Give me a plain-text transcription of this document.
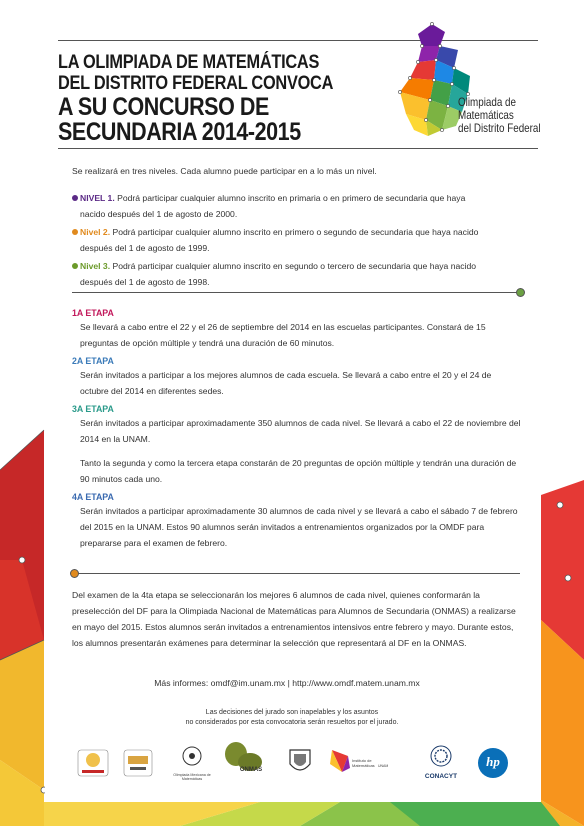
LA OLIMPIADA DE MATEMÁTICAS
DEL DISTRITO FEDERAL CONVOCA
A SU CONCURSO DE
SECUNDARIA 2014-2015
Olimpiada de
Matemáticas
del Distrito Federal
Se realizará en tres niveles. Cada alumno puede participar en a lo más un nivel.
NIVEL 1. Podrá participar cualquier alumno inscrito en primaria o en primero de secundaria que haya
nacido después del 1 de agosto de 2000.
Nivel 2. Podrá participar cualquier alumno inscrito en primero o segundo de secundaria que haya nacido
después del 1 de agosto de 1999.
Nivel 3. Podrá participar cualquier alumno inscrito en segundo o tercero de secundaria que haya nacido
después del 1 de agosto de 1998.
1A ETAPA

Se llevará a cabo entre el 22 y el 26 de septiembre del 2014 en las escuelas participantes. Constará de 15 preguntas de opción múltiple y tendrá una duración de 60 minutos.

2A ETAPA

Serán invitados a participar a los mejores alumnos de cada escuela. Se llevará a cabo entre el 20 y el 24 de octubre del 2014 en diferentes sedes.

3A ETAPA

Serán invitados a participar aproximadamente 350 alumnos de cada nivel. Se llevará a cabo el 22 de noviembre del 2014 en la UNAM.

Tanto la segunda y como la tercera etapa constarán de 20 preguntas de opción múltiple y tendrán una duración de 90 minutos cada uno.

4A ETAPA

Serán invitados a participar aproximadamente 30 alumnos de cada nivel y se llevará a cabo el sábado 7 de febrero del 2015 en la UNAM. Estos 90 alumnos serán invitados a entrenamientos organizados por la OMDF para prepararse para el examen de febrero.

Del examen de la 4ta etapa se seleccionarán los mejores 6 alumnos de cada nivel, quienes conformarán la preselección del DF para la Olimpiada Nacional de Matemáticas para Alumnos de Secundaria (ONMAS) a realizarse en mayo del 2015. Estos alumnos serán invitados a entrenamientos intensivos entre febrero y mayo. Durante estos, los alumnos presentarán exámenes para determinar la selección que representará al DF en la ONMAS.
Más informes: omdf@im.unam.mx | http://www.omdf.matem.unam.mx
Las decisiones del jurado son inapelables y los asuntos
no considerados por esta convocatoria serán resueltos por el jurado.
Olimpiada Mexicana de Matemáticas
ONMAS
Instituto de Matemáticas UNAM
CONACYT
hp
